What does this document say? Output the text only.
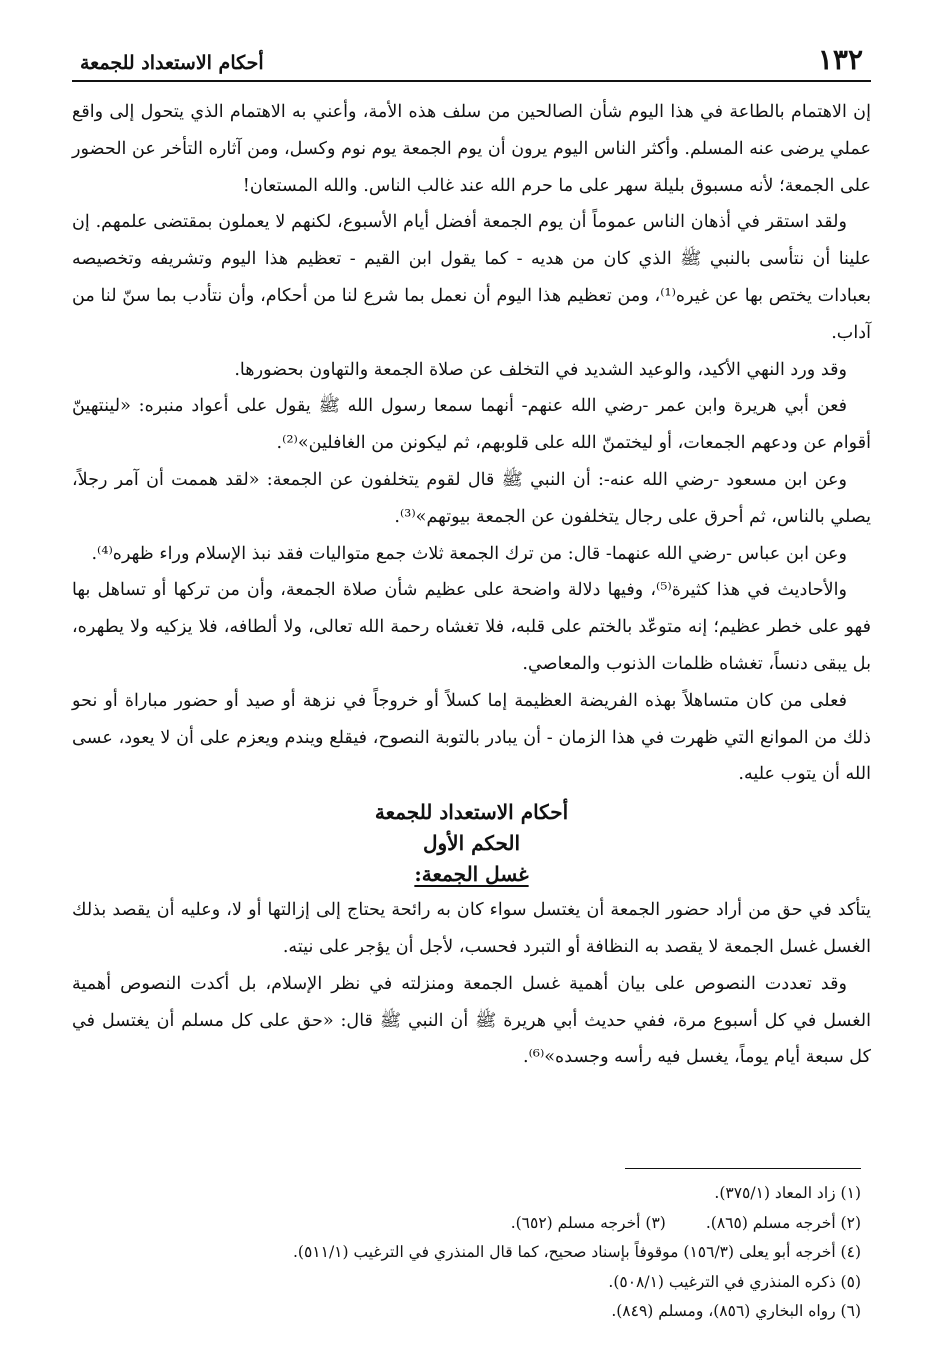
١٣٢
أحكام الاستعداد للجمعة

إن الاهتمام بالطاعة في هذا اليوم شأن الصالحين من سلف هذه الأمة، وأعني به الاهتمام الذي يتحول إلى واقع عملي يرضى عنه المسلم. وأكثر الناس اليوم يرون أن يوم الجمعة يوم نوم وكسل، ومن آثاره التأخر عن الحضور على الجمعة؛ لأنه مسبوق بليلة سهر على ما حرم الله عند غالب الناس. والله المستعان!

ولقد استقر في أذهان الناس عموماً أن يوم الجمعة أفضل أيام الأسبوع، لكنهم لا يعملون بمقتضى علمهم. إن علينا أن نتأسى بالنبي ﷺ الذي كان من هديه - كما يقول ابن القيم - تعظيم هذا اليوم وتشريفه وتخصيصه بعبادات يختص بها عن غيره⁽¹⁾، ومن تعظيم هذا اليوم أن نعمل بما شرع لنا من أحكام، وأن نتأدب بما سنّ لنا من آداب.

وقد ورد النهي الأكيد، والوعيد الشديد في التخلف عن صلاة الجمعة والتهاون بحضورها.

فعن أبي هريرة وابن عمر -رضي الله عنهم- أنهما سمعا رسول الله ﷺ يقول على أعواد منبره: «لينتهينّ أقوام عن ودعهم الجمعات، أو ليختمنّ الله على قلوبهم، ثم ليكونن من الغافلين»⁽²⁾.

وعن ابن مسعود -رضي الله عنه-: أن النبي ﷺ قال لقوم يتخلفون عن الجمعة: «لقد هممت أن آمر رجلاً، يصلي بالناس، ثم أحرق على رجال يتخلفون عن الجمعة بيوتهم»⁽³⁾.

وعن ابن عباس -رضي الله عنهما- قال: من ترك الجمعة ثلاث جمع متواليات فقد نبذ الإسلام وراء ظهره⁽⁴⁾.

والأحاديث في هذا كثيرة⁽⁵⁾، وفيها دلالة واضحة على عظيم شأن صلاة الجمعة، وأن من تركها أو تساهل بها فهو على خطر عظيم؛ إنه متوعّد بالختم على قلبه، فلا تغشاه رحمة الله تعالى، ولا ألطافه، فلا يزكيه ولا يطهره، بل يبقى دنساً، تغشاه ظلمات الذنوب والمعاصي.

فعلى من كان متساهلاً بهذه الفريضة العظيمة إما كسلاً أو خروجاً في نزهة أو صيد أو حضور مباراة أو نحو ذلك من الموانع التي ظهرت في هذا الزمان - أن يبادر بالتوبة النصوح، فيقلع ويندم ويعزم على أن لا يعود، عسى الله أن يتوب عليه.

أحكام الاستعداد للجمعة

الحكم الأول

غسل الجمعة:

يتأكد في حق من أراد حضور الجمعة أن يغتسل سواء كان به رائحة يحتاج إلى إزالتها أو لا، وعليه أن يقصد بذلك الغسل غسل الجمعة لا يقصد به النظافة أو التبرد فحسب، لأجل أن يؤجر على نيته.

وقد تعددت النصوص على بيان أهمية غسل الجمعة ومنزلته في نظر الإسلام، بل أكدت النصوص أهمية الغسل في كل أسبوع مرة، ففي حديث أبي هريرة ﷺ أن النبي ﷺ قال: «حق على كل مسلم أن يغتسل في كل سبعة أيام يوماً، يغسل فيه رأسه وجسده»⁽⁶⁾.

(١) زاد المعاد (٣٧٥/١).

(٢) أخرجه مسلم (٨٦٥).
(٣) أخرجه مسلم (٦٥٢).

(٤) أخرجه أبو يعلى (١٥٦/٣) موقوفاً بإسناد صحيح، كما قال المنذري في الترغيب (٥١١/١).

(٥) ذكره المنذري في الترغيب (٥٠٨/١).

(٦) رواه البخاري (٨٥٦)، ومسلم (٨٤٩).
